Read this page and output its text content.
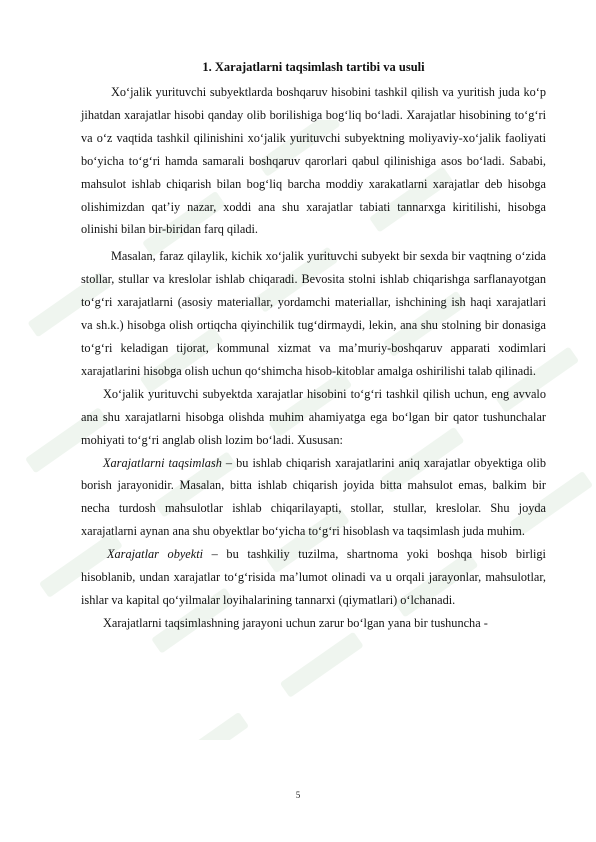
1. Xarajatlarni taqsimlash tartibi va usuli

Xo‘jalik yurituvchi subyektlarda boshqaruv hisobini tashkil qilish va yuritish juda ko‘p jihatdan xarajatlar hisobi qanday olib borilishiga bog‘liq bo‘ladi. Xarajatlar hisobining to‘g‘ri va o‘z vaqtida tashkil qilinishini xo‘jalik yurituvchi subyektning moliyaviy-xo‘jalik faoliyati bo‘yicha to‘g‘ri hamda samarali boshqaruv qarorlari qabul qilinishiga asos bo‘ladi. Sababi, mahsulot ishlab chiqarish bilan bog‘liq barcha moddiy xarakatlarni xarajatlar deb hisobga olishimizdan qat’iy nazar, xoddi ana shu xarajatlar tabiati tannarxga kiritilishi, hisobga olinishi bilan bir-biridan farq qiladi.

Masalan, faraz qilaylik, kichik xo‘jalik yurituvchi subyekt bir sexda bir vaqtning o‘zida stollar, stullar va kreslolar ishlab chiqaradi. Bevosita stolni ishlab chiqarishga sarflanayotgan to‘g‘ri xarajatlarni (asosiy materiallar, yordamchi materiallar, ishchining ish haqi xarajatlari va sh.k.) hisobga olish ortiqcha qiyinchilik tug‘dirmaydi, lekin, ana shu stolning bir donasiga to‘g‘ri keladigan tijorat, kommunal xizmat va ma’muriy-boshqaruv apparati xodimlari xarajatlarini hisobga olish uchun qo‘shimcha hisob-kitoblar amalga oshirilishi talab qilinadi.

Xo‘jalik yurituvchi subyektda xarajatlar hisobini to‘g‘ri tashkil qilish uchun, eng avvalo ana shu xarajatlarni hisobga olishda muhim ahamiyatga ega bo‘lgan bir qator tushunchalar mohiyati to‘g‘ri anglab olish lozim bo‘ladi. Xususan:

Xarajatlarni taqsimlash – bu ishlab chiqarish xarajatlarini aniq xarajatlar obyektiga olib borish jarayonidir. Masalan, bitta ishlab chiqarish joyida bitta mahsulot emas, balkim bir necha turdosh mahsulotlar ishlab chiqarilayapti, stollar, stullar, kreslolar. Shu joyda xarajatlarni aynan ana shu obyektlar bo‘yicha to‘g‘ri hisoblash va taqsimlash juda muhim.

Xarajatlar obyekti – bu tashkiliy tuzilma, shartnoma yoki boshqa hisob birligi hisoblanib, undan xarajatlar to‘g‘risida ma’lumot olinadi va u orqali jarayonlar, mahsulotlar, ishlar va kapital qo‘yilmalar loyihalarining tannarxi (qiymatlari) o‘lchanadi.

Xarajatlarni taqsimlashning jarayoni uchun zarur bo‘lgan yana bir tushuncha -

5
